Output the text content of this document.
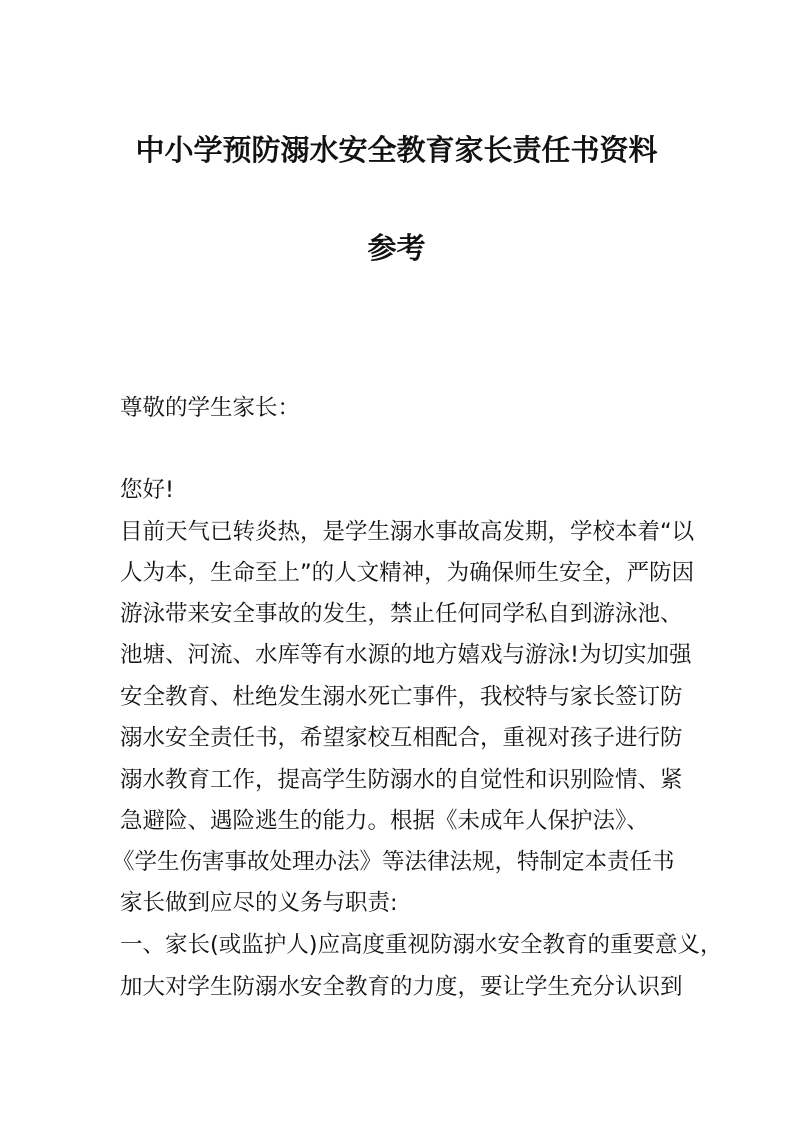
中小学预防溺水安全教育家长责任书资料
参考
尊敬的学生家长：
您好!
目前天气已转炎热，是学生溺水事故高发期，学校本着“以
人为本，生命至上”的人文精神，为确保师生安全，严防因
游泳带来安全事故的发生，禁止任何同学私自到游泳池、
池塘、河流、水库等有水源的地方嬉戏与游泳!为切实加强
安全教育、杜绝发生溺水死亡事件，我校特与家长签订防
溺水安全责任书，希望家校互相配合，重视对孩子进行防
溺水教育工作，提高学生防溺水的自觉性和识别险情、紧
急避险、遇险逃生的能力。根据《未成年人保护法》、
《学生伤害事故处理办法》等法律法规，特制定本责任书
家长做到应尽的义务与职责:
一、家长(或监护人)应高度重视防溺水安全教育的重要意义，
加大对学生防溺水安全教育的力度，要让学生充分认识到
